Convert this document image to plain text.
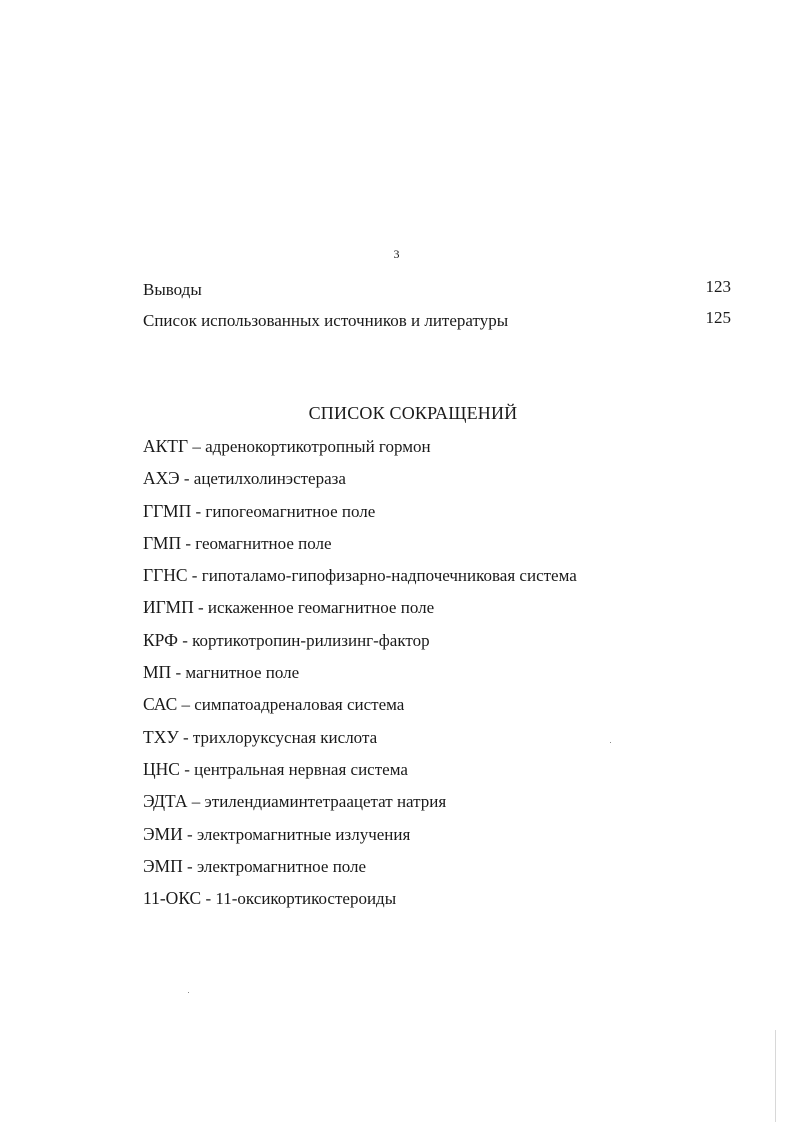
3
Выводы	123
Список использованных источников и литературы	125
СПИСОК СОКРАЩЕНИЙ
АКТГ – адренокортикотропный гормон
АХЭ - ацетилхолинэстераза
ГГМП - гипогеомагнитное поле
ГМП - геомагнитное поле
ГГНС - гипоталамо-гипофизарно-надпочечниковая система
ИГМП - искаженное геомагнитное поле
КРФ - кортикотропин-рилизинг-фактор
МП - магнитное поле
САС – симпатоадреналовая система
ТХУ - трихлоруксусная кислота
ЦНС - центральная нервная система
ЭДТА – этилендиаминтетраацетат натрия
ЭМИ - электромагнитные излучения
ЭМП - электромагнитное поле
11-ОКС - 11-оксикортикостероиды
